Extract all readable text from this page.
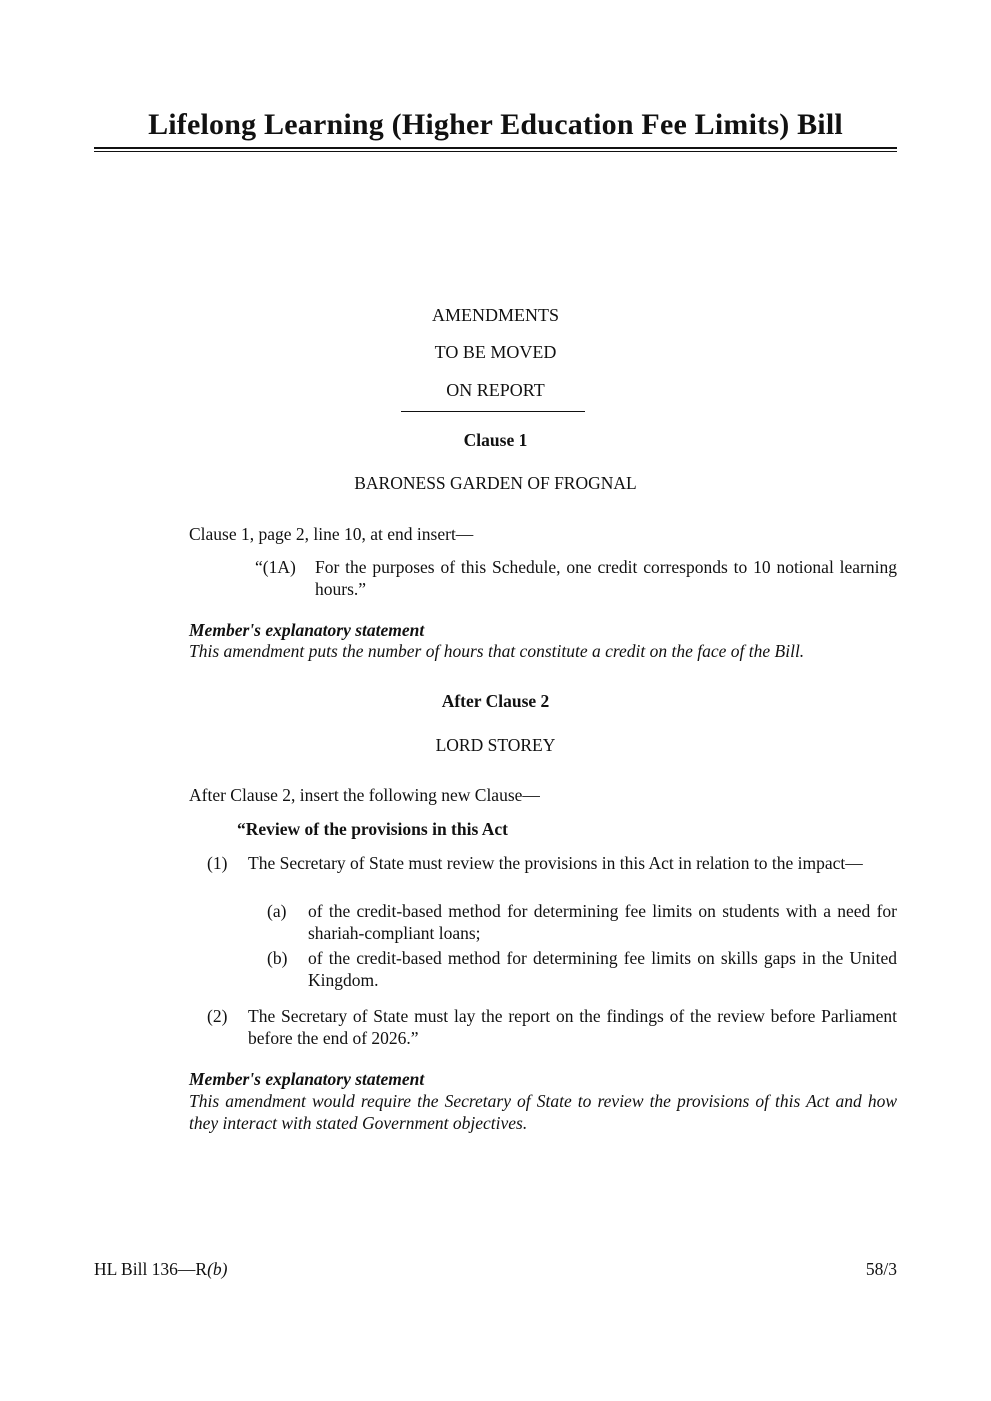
Lifelong Learning (Higher Education Fee Limits) Bill
AMENDMENTS
TO BE MOVED
ON REPORT
Clause 1
BARONESS GARDEN OF FROGNAL
Clause 1, page 2, line 10, at end insert—
“(1A)	For the purposes of this Schedule, one credit corresponds to 10 notional learning hours.”
Member's explanatory statement
This amendment puts the number of hours that constitute a credit on the face of the Bill.
After Clause 2
LORD STOREY
After Clause 2, insert the following new Clause—
“Review of the provisions in this Act
(1)	The Secretary of State must review the provisions in this Act in relation to the impact—
(a)	of the credit-based method for determining fee limits on students with a need for shariah-compliant loans;
(b)	of the credit-based method for determining fee limits on skills gaps in the United Kingdom.
(2)	The Secretary of State must lay the report on the findings of the review before Parliament before the end of 2026.”
Member's explanatory statement
This amendment would require the Secretary of State to review the provisions of this Act and how they interact with stated Government objectives.
HL Bill 136—R(b)	58/3
